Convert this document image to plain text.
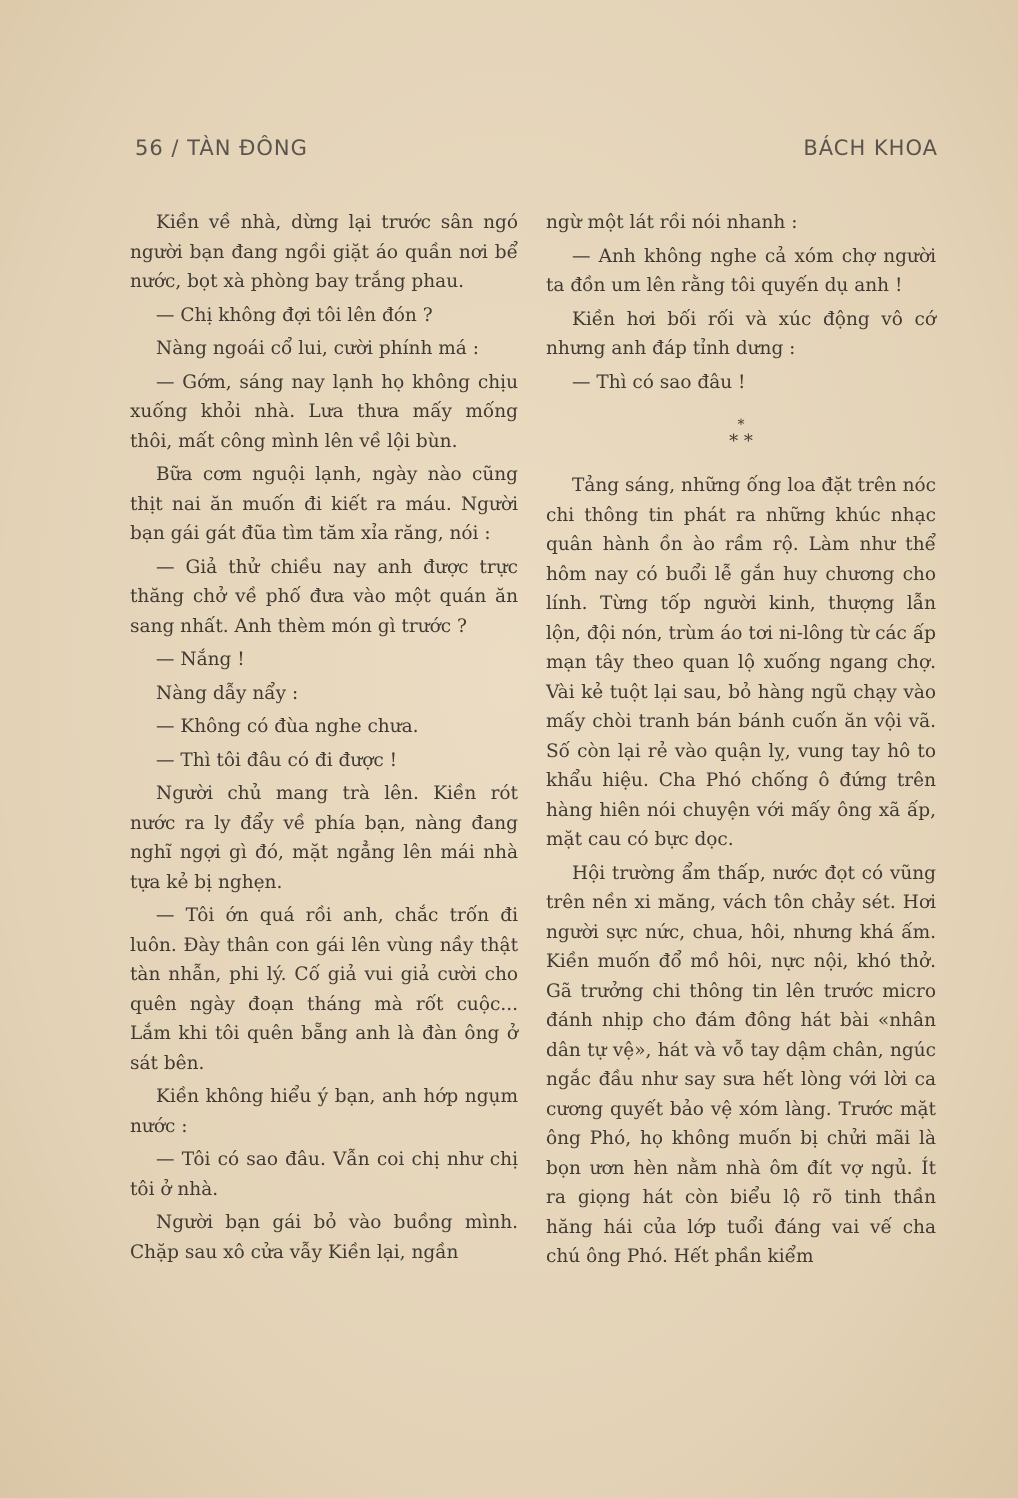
56 / TÀN ĐÔNG	BÁCH KHOA

Kiền về nhà, dừng lại trước sân ngó người bạn đang ngồi giặt áo quần nơi bể nước, bọt xà phòng bay trắng phau.

— Chị không đợi tôi lên đón ?

Nàng ngoái cổ lui, cười phính má :

— Gớm, sáng nay lạnh họ không chịu xuống khỏi nhà. Lưa thưa mấy mống thôi, mất công mình lên về lội bùn.

Bữa cơm nguội lạnh, ngày nào cũng thịt nai ăn muốn đi kiết ra máu. Người bạn gái gát đũa tìm tăm xỉa răng, nói :

— Giả thử chiều nay anh được trực thăng chở về phố đưa vào một quán ăn sang nhất. Anh thèm món gì trước ?

— Nắng !

Nàng dẫy nẩy :

— Không có đùa nghe chưa.

— Thì tôi đâu có đi được !

Người chủ mang trà lên. Kiền rót nước ra ly đẩy về phía bạn, nàng đang nghĩ ngợi gì đó, mặt ngẳng lên mái nhà tựa kẻ bị nghẹn.

— Tôi ớn quá rồi anh, chắc trốn đi luôn. Đày thân con gái lên vùng nầy thật tàn nhẫn, phi lý. Cố giả vui giả cười cho quên ngày đoạn tháng mà rốt cuộc... Lắm khi tôi quên bẵng anh là đàn ông ở sát bên.

Kiền không hiểu ý bạn, anh hớp ngụm nước :

— Tôi có sao đâu. Vẫn coi chị như chị tôi ở nhà.

Người bạn gái bỏ vào buồng mình. Chặp sau xô cửa vẫy Kiền lại, ngần

ngừ một lát rồi nói nhanh :

— Anh không nghe cả xóm chợ người ta đồn um lên rằng tôi quyến dụ anh !

Kiền hơi bối rối và xúc động vô cớ nhưng anh đáp tỉnh dưng :

— Thì có sao đâu !

*
* *

Tảng sáng, những ống loa đặt trên nóc chi thông tin phát ra những khúc nhạc quân hành ồn ào rầm rộ. Làm như thể hôm nay có buổi lễ gắn huy chương cho lính. Từng tốp người kinh, thượng lẫn lộn, đội nón, trùm áo tơi ni-lông từ các ấp mạn tây theo quan lộ xuống ngang chợ. Vài kẻ tuột lại sau, bỏ hàng ngũ chạy vào mấy chòi tranh bán bánh cuốn ăn vội vã. Số còn lại rẻ vào quận lỵ, vung tay hô to khẩu hiệu. Cha Phó chống ô đứng trên hàng hiên nói chuyện với mấy ông xã ấp, mặt cau có bực dọc.

Hội trường ẩm thấp, nước đọt có vũng trên nền xi măng, vách tôn chảy sét. Hơi người sực nức, chua, hôi, nhưng khá ấm. Kiền muốn đổ mồ hôi, nực nội, khó thở. Gã trưởng chi thông tin lên trước micro đánh nhịp cho đám đông hát bài «nhân dân tự vệ», hát và vỗ tay dậm chân, ngúc ngắc đầu như say sưa hết lòng với lời ca cương quyết bảo vệ xóm làng. Trước mặt ông Phó, họ không muốn bị chửi mãi là bọn ươn hèn nằm nhà ôm đít vợ ngủ. Ít ra giọng hát còn biểu lộ rõ tinh thần hăng hái của lớp tuổi đáng vai vế cha chú ông Phó. Hết phần kiểm
